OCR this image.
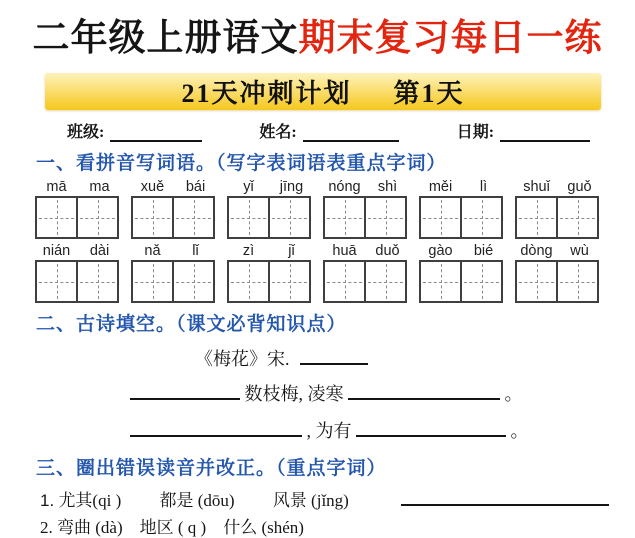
二年级上册语文期末复习每日一练
21天冲刺计划 第1天
班级:	姓名:	日期:
一、看拼音写词语。（写字表词语表重点字词）
mā	ma	xuě	bái	yǐ	jīng	nóng	shì	měi	lì	shuǐ	guǒ
nián	dài	nǎ	lǐ	zì	jǐ	huā	duǒ	gào	bié	dòng	wù
二、古诗填空。（课文必背知识点）
《梅花》宋.
数枝梅, 凌寒	。
, 为有	。
三、圈出错误读音并改正。（重点字词）
1. 尤其(qi ) 都是 (dōu) 风景 (jǐng)
2. 弯曲 (dà)　地区 ( q )　什么 (shén)
